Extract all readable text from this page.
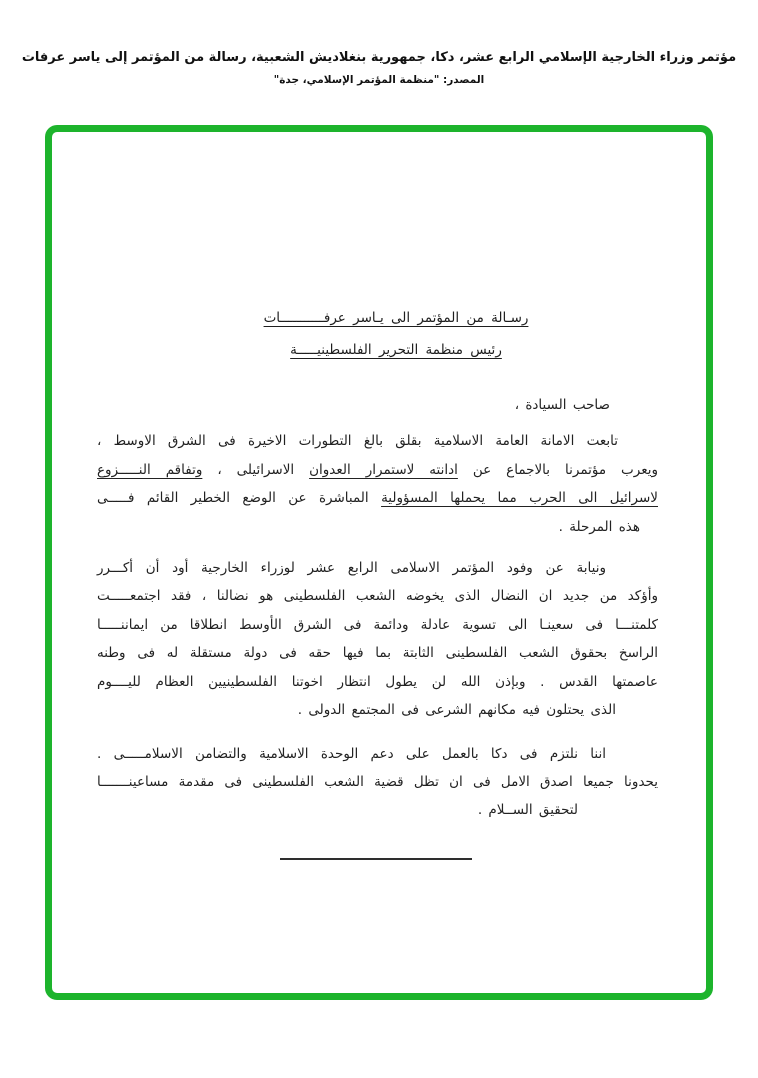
مؤتمر وزراء الخارجية الإسلامي الرابع عشر، دكا، جمهورية بنغلاديش الشعبية، رسالة من المؤتمر إلى ياسر عرفات
المصدر: "منظمة المؤتمر الإسلامي، جدة"
رسـالة من المؤتمر الى يـاسر عرفـــــــــــات
رئيس منظمة التحرير الفلسطينيـــــة
صاحب السيادة ،
تابعت الامانة العامة الاسلامية بقلق بالغ التطورات الاخيرة فى الشرق الاوسط ،
ويعرب مؤتمرنا بالاجماع عن ادانته لاستمرار العدوان الاسرائيلى ، وتفاقم النـــــزوع
لاسرائيل الى الحرب مما يحملها المسؤولية المباشرة عن الوضع الخطير القائم فـــــى
هذه المرحلة .
ونيابة عن وفود المؤتمر الاسلامى الرابع عشر لوزراء الخارجية أود أن أكـــرر
وأؤكد من جديد ان النضال الذى يخوضه الشعب الفلسطينى هو نضالنا ، فقد اجتمعـــــت
كلمتنـــا فى سعينـا الى تسوية عادلة ودائمة فى الشرق الأوسط انطلاقا من ايماننـــــا
الراسخ بحقوق الشعب الفلسطينى الثابتة بما فيها حقه فى دولة مستقلة له فى وطنه
عاصمتها القدس . وبإذن الله لن يطول انتظار اخوتنا الفلسطينيين العظام لليــــوم
الذى يحتلون فيه مكانهم الشرعى فى المجتمع الدولى .
اننا نلتزم فى دكا بالعمل على دعم الوحدة الاسلامية والتضامن الاسلامـــــى .
يحدونا جميعا اصدق الامل فى ان تظل قضية الشعب الفلسطينى فى مقدمة مساعينـــــــا
لتحقيق الســلام .
